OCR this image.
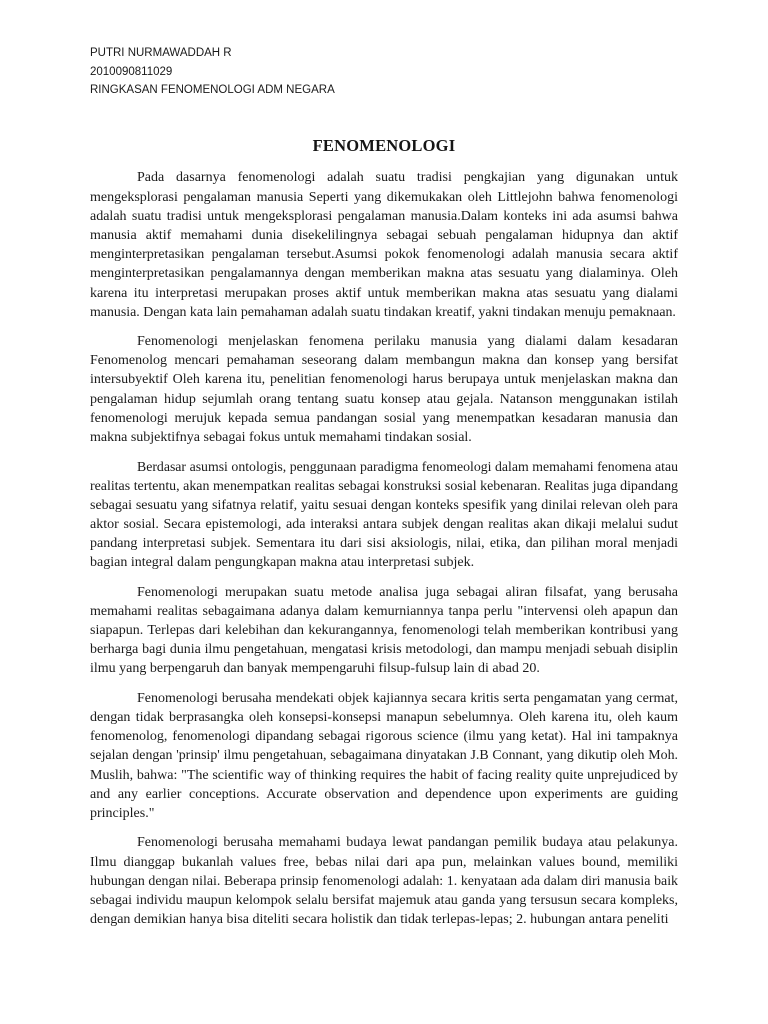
PUTRI NURMAWADDAH R
2010090811029
RINGKASAN FENOMENOLOGI ADM NEGARA
FENOMENOLOGI
Pada dasarnya fenomenologi adalah suatu tradisi pengkajian yang digunakan untuk
mengeksplorasi pengalaman manusia Seperti yang dikemukakan oleh Littlejohn bahwa fenomenologi
adalah suatu tradisi untuk mengeksplorasi pengalaman manusia.Dalam konteks ini ada asumsi bahwa
manusia aktif memahami dunia disekelilingnya sebagai sebuah pengalaman hidupnya dan aktif
menginterpretasikan pengalaman tersebut.Asumsi pokok fenomenologi adalah manusia secara aktif
menginterpretasikan pengalamannya dengan memberikan makna atas sesuatu yang dialaminya. Oleh
karena itu interpretasi merupakan proses aktif untuk memberikan makna atas sesuatu yang dialami
manusia. Dengan kata lain pemahaman adalah suatu tindakan kreatif, yakni tindakan menuju pemaknaan.
Fenomenologi menjelaskan fenomena perilaku manusia yang dialami dalam kesadaran
Fenomenolog mencari pemahaman seseorang dalam membangun makna dan konsep yang bersifat
intersubyektif Oleh karena itu, penelitian fenomenologi harus berupaya untuk menjelaskan makna dan
pengalaman hidup sejumlah orang tentang suatu konsep atau gejala. Natanson menggunakan istilah
fenomenologi merujuk kepada semua pandangan sosial yang menempatkan kesadaran manusia dan
makna subjektifnya sebagai fokus untuk memahami tindakan sosial.
Berdasar asumsi ontologis, penggunaan paradigma fenomeologi dalam memahami fenomena atau
realitas tertentu, akan menempatkan realitas sebagai konstruksi sosial kebenaran. Realitas juga dipandang
sebagai sesuatu yang sifatnya relatif, yaitu sesuai dengan konteks spesifik yang dinilai relevan oleh para
aktor sosial. Secara epistemologi, ada interaksi antara subjek dengan realitas akan dikaji melalui sudut
pandang interpretasi subjek. Sementara itu dari sisi aksiologis, nilai, etika, dan pilihan moral menjadi
bagian integral dalam pengungkapan makna atau interpretasi subjek.
Fenomenologi merupakan suatu metode analisa juga sebagai aliran filsafat, yang berusaha
memahami realitas sebagaimana adanya dalam kemurniannya tanpa perlu "intervensi oleh apapun dan
siapapun. Terlepas dari kelebihan dan kekurangannya, fenomenologi telah memberikan kontribusi yang
berharga bagi dunia ilmu pengetahuan, mengatasi krisis metodologi, dan mampu menjadi sebuah disiplin
ilmu yang berpengaruh dan banyak mempengaruhi filsup-fulsup lain di abad 20.
Fenomenologi berusaha mendekati objek kajiannya secara kritis serta pengamatan yang cermat,
dengan tidak berprasangka oleh konsepsi-konsepsi manapun sebelumnya. Oleh karena itu, oleh kaum
fenomenolog, fenomenologi dipandang sebagai rigorous science (ilmu yang ketat). Hal ini tampaknya
sejalan dengan 'prinsip' ilmu pengetahuan, sebagaimana dinyatakan J.B Connant, yang dikutip oleh Moh.
Muslih, bahwa: "The scientific way of thinking requires the habit of facing reality quite unprejudiced by
and any earlier conceptions. Accurate observation and dependence upon experiments are guiding
principles."
Fenomenologi berusaha memahami budaya lewat pandangan pemilik budaya atau pelakunya.
Ilmu dianggap bukanlah values free, bebas nilai dari apa pun, melainkan values bound, memiliki
hubungan dengan nilai. Beberapa prinsip fenomenologi adalah: 1. kenyataan ada dalam diri manusia baik
sebagai individu maupun kelompok selalu bersifat majemuk atau ganda yang tersusun secara kompleks,
dengan demikian hanya bisa diteliti secara holistik dan tidak terlepas-lepas; 2. hubungan antara peneliti
